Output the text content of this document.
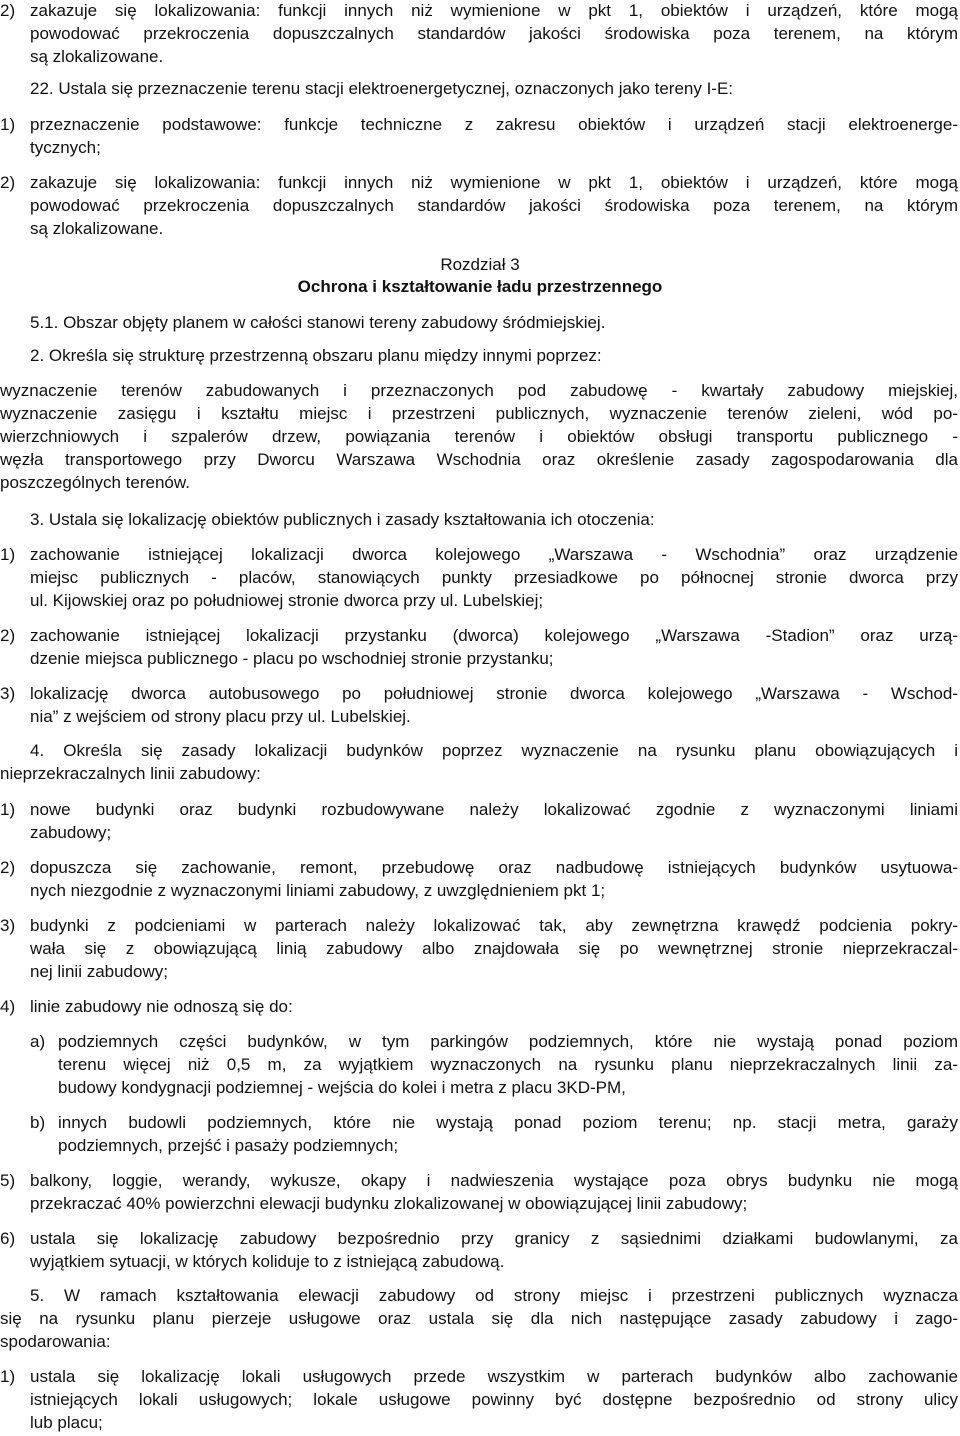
2) zakazuje się lokalizowania: funkcji innych niż wymienione w pkt 1, obiektów i urządzeń, które mogą
powodować przekroczenia dopuszczalnych standardów jakości środowiska poza terenem, na którym
są zlokalizowane.
22. Ustala się przeznaczenie terenu stacji elektroenergetycznej, oznaczonych jako tereny I-E:
1) przeznaczenie podstawowe: funkcje techniczne z zakresu obiektów i urządzeń stacji elektroenerge-
tycznych;
2) zakazuje się lokalizowania: funkcji innych niż wymienione w pkt 1, obiektów i urządzeń, które mogą
powodować przekroczenia dopuszczalnych standardów jakości środowiska poza terenem, na którym
są zlokalizowane.
Rozdział 3
Ochrona i kształtowanie ładu przestrzennego
5.1. Obszar objęty planem w całości stanowi tereny zabudowy śródmiejskiej.
2. Określa się strukturę przestrzenną obszaru planu między innymi poprzez:
wyznaczenie terenów zabudowanych i przeznaczonych pod zabudowę - kwartały zabudowy miejskiej,
wyznaczenie zasięgu i kształtu miejsc i przestrzeni publicznych, wyznaczenie terenów zieleni, wód po-
wierzchniowych i szpalerów drzew, powiązania terenów i obiektów obsługi transportu publicznego -
węzła transportowego przy Dworcu Warszawa Wschodnia oraz określenie zasady zagospodarowania dla
poszczególnych terenów.
3. Ustala się lokalizację obiektów publicznych i zasady kształtowania ich otoczenia:
1) zachowanie istniejącej lokalizacji dworca kolejowego „Warszawa - Wschodnia” oraz urządzenie
miejsc publicznych - placów, stanowiących punkty przesiadkowe po północnej stronie dworca przy
ul. Kijowskiej oraz po południowej stronie dworca przy ul. Lubelskiej;
2) zachowanie istniejącej lokalizacji przystanku (dworca) kolejowego „Warszawa -Stadion” oraz urzą-
dzenie miejsca publicznego - placu po wschodniej stronie przystanku;
3) lokalizację dworca autobusowego po południowej stronie dworca kolejowego „Warszawa - Wschod-
nia” z wejściem od strony placu przy ul. Lubelskiej.
4. Określa się zasady lokalizacji budynków poprzez wyznaczenie na rysunku planu obowiązujących i
nieprzekraczalnych linii zabudowy:
1) nowe budynki oraz budynki rozbudowywane należy lokalizować zgodnie z wyznaczonymi liniami
zabudowy;
2) dopuszcza się zachowanie, remont, przebudowę oraz nadbudowę istniejących budynków usytuowa-
nych niezgodnie z wyznaczonymi liniami zabudowy, z uwzględnieniem pkt 1;
3) budynki z podcieniami w parterach należy lokalizować tak, aby zewnętrzna krawędź podcienia pokry-
wała się z obowiązującą linią zabudowy albo znajdowała się po wewnętrznej stronie nieprzekraczal-
nej linii zabudowy;
4) linie zabudowy nie odnoszą się do:
a) podziemnych części budynków, w tym parkingów podziemnych, które nie wystają ponad poziom
terenu więcej niż 0,5 m, za wyjątkiem wyznaczonych na rysunku planu nieprzekraczalnych linii za-
budowy kondygnacji podziemnej - wejścia do kolei i metra z placu 3KD-PM,
b) innych budowli podziemnych, które nie wystają ponad poziom terenu; np. stacji metra, garaży
podziemnych, przejść i pasaży podziemnych;
5) balkony, loggie, werandy, wykusze, okapy i nadwieszenia wystające poza obrys budynku nie mogą
przekraczać 40% powierzchni elewacji budynku zlokalizowanej w obowiązującej linii zabudowy;
6) ustala się lokalizację zabudowy bezpośrednio przy granicy z sąsiednimi działkami budowlanymi, za
wyjątkiem sytuacji, w których koliduje to z istniejącą zabudową.
5. W ramach kształtowania elewacji zabudowy od strony miejsc i przestrzeni publicznych wyznacza
się na rysunku planu pierzeje usługowe oraz ustala się dla nich następujące zasady zabudowy i zago-
spodarowania:
1) ustala się lokalizację lokali usługowych przede wszystkim w parterach budynków albo zachowanie
istniejących lokali usługowych; lokale usługowe powinny być dostępne bezpośrednio od strony ulicy
lub placu;
